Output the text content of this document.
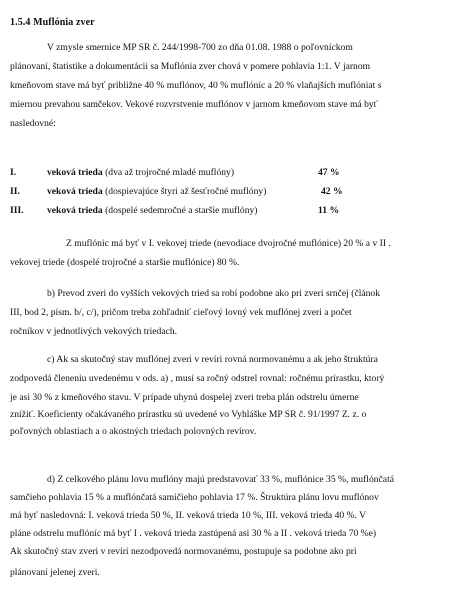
1.5.4 Muflónia zver
V zmysle smernice MP SR č. 244/1998-700 zo dňa 01.08. 1988 o poľovníckom
plánovaní, štatistike a dokumentácii sa Muflónia zver chová v pomere pohlavia 1:1. V jarnom
kmeňovom stave má byť približne 40 % muflónov, 40 % muflóníc a 20 % vlaňajších muflóniat s
miernou prevahou samčekov. Vekové rozvrstvenie muflónov v jarnom kmeňovom stave má byť
nasledovné:
I.	veková trieda (dva až trojročné mladé muflóny)	47 %
II.	veková trieda (dospievajúce štyri až šesťročné muflóny)	42 %
III. veková trieda (dospelé sedemročné a staršie muflóny)	11 %
Z muflónic má byť v I. vekovej triede (nevodiace dvojročné muflónice) 20 % a v II .
vekovej triede (dospelé trojročné a staršie muflónice) 80 %.
b) Prevod zveri do vyšších vekových tried sa robí podobne ako pri zveri srnčej (článok
III, bod 2, písm. b/, c/), pričom treba zohľadniť cieľový lovný vek muflónej zveri a počet
ročníkov v jednotlivých vekových triedach.
c) Ak sa skutočný stav muflónej zveri v revíri rovná normovanému a ak jeho štruktúra
zodpovedá členeniu uvedenému v ods. a) , musí sa ročný odstrel rovnal: ročnému prírastku, ktorý
je asi 30 % z kmeňového stavu. V prípade uhynú dospelej zveri treba plán odstrelu úmerne
znížiť. Koeficienty očakávaného prírastku sú uvedené vo Vyhláške MP SR č. 91/1997 Z. z. o
poľovných oblastiach a o akostných triedach polovných revírov.
d) Z celkového plánu lovu muflóny majú predstavovať 33 %, muflónice 35 %, muflónčatá
samčieho pohlavia 15 % a muflónčatá samičieho pohlavia 17 %. Štruktúra plánu lovu muflónov
má byť nasledovná: I. veková trieda 50 %, II. veková trieda 10 %, III. veková trieda 40 %. V
pláne odstrelu muflóníc má byť I . veková trieda zastúpená asi 30 % a II . veková trieda 70 %e)
Ak skutočný stav zveri v revíri nezodpovedá normovanému, postupuje sa podobne ako pri
plánovaní jelenej zveri.
